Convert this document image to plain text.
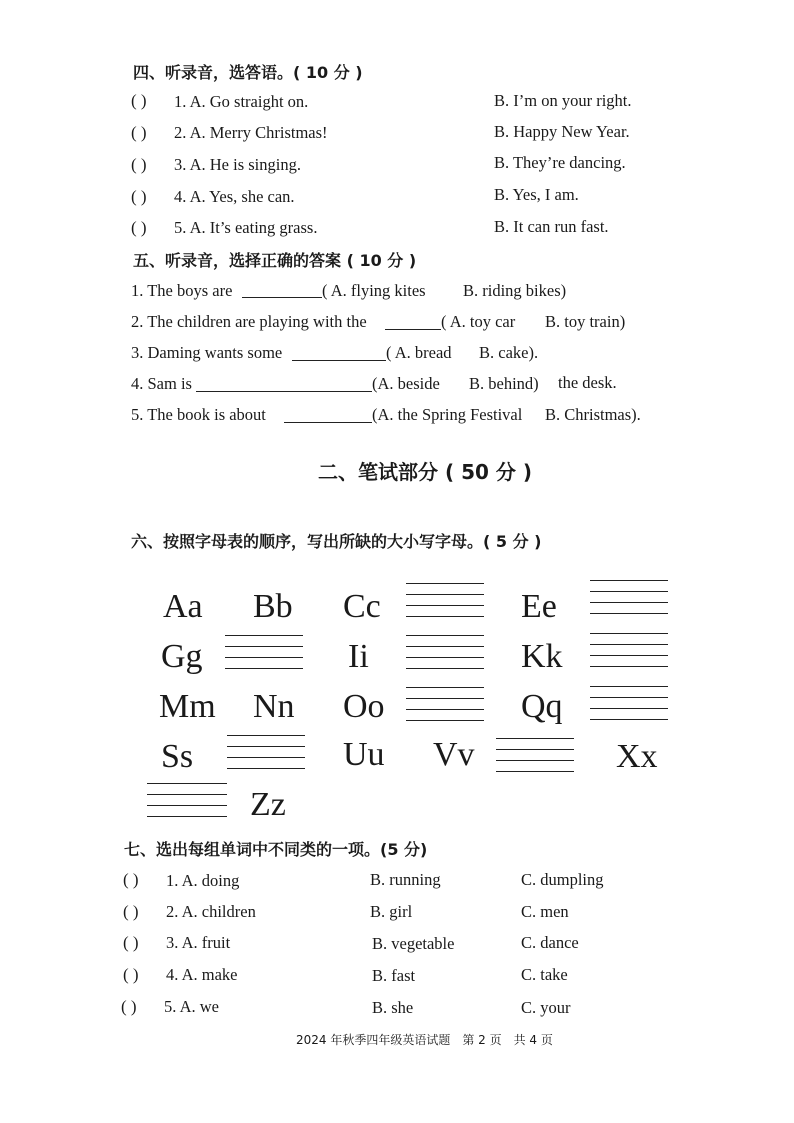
四、听录音，选答语。( 10 分 )
( ) 1. A. Go straight on.	B. I’m on your right.
( ) 2. A. Merry Christmas!	B. Happy New Year.
( ) 3. A. He is singing.	B. They’re dancing.
( ) 4. A. Yes, she can.	B. Yes, I am.
( ) 5. A. It’s eating grass.	B. It can run fast.
五、听录音，选择正确的答案 ( 10 分 )
1. The boys are	( A. flying kites B. riding bikes)
2. The children are playing with the	( A. toy car B. toy train)
3. Daming wants some	( A. bread B. cake).
4. Sam is	(A. beside B. behind) the desk.
5. The book is about	(A. the Spring Festival B. Christmas).
二、笔试部分 ( 50 分 )
六、按照字母表的顺序，写出所缺的大小写字母。( 5 分 )
Aa Bb Cc	Ee
Gg	Ii	Kk
Mm Nn Oo	Qq
Ss	Uu Vv	Xx
Zz
七、选出每组单词中不同类的一项。(5 分)
( ) 1. A. doing	B. running	C. dumpling
( ) 2. A. children	B. girl	C. men
( ) 3. A. fruit	B. vegetable	C. dance
( ) 4. A. make	B. fast	C. take
( ) 5. A. we	B. she	C. your
2024 年秋季四年级英语试题　第 2 页　共 4 页
